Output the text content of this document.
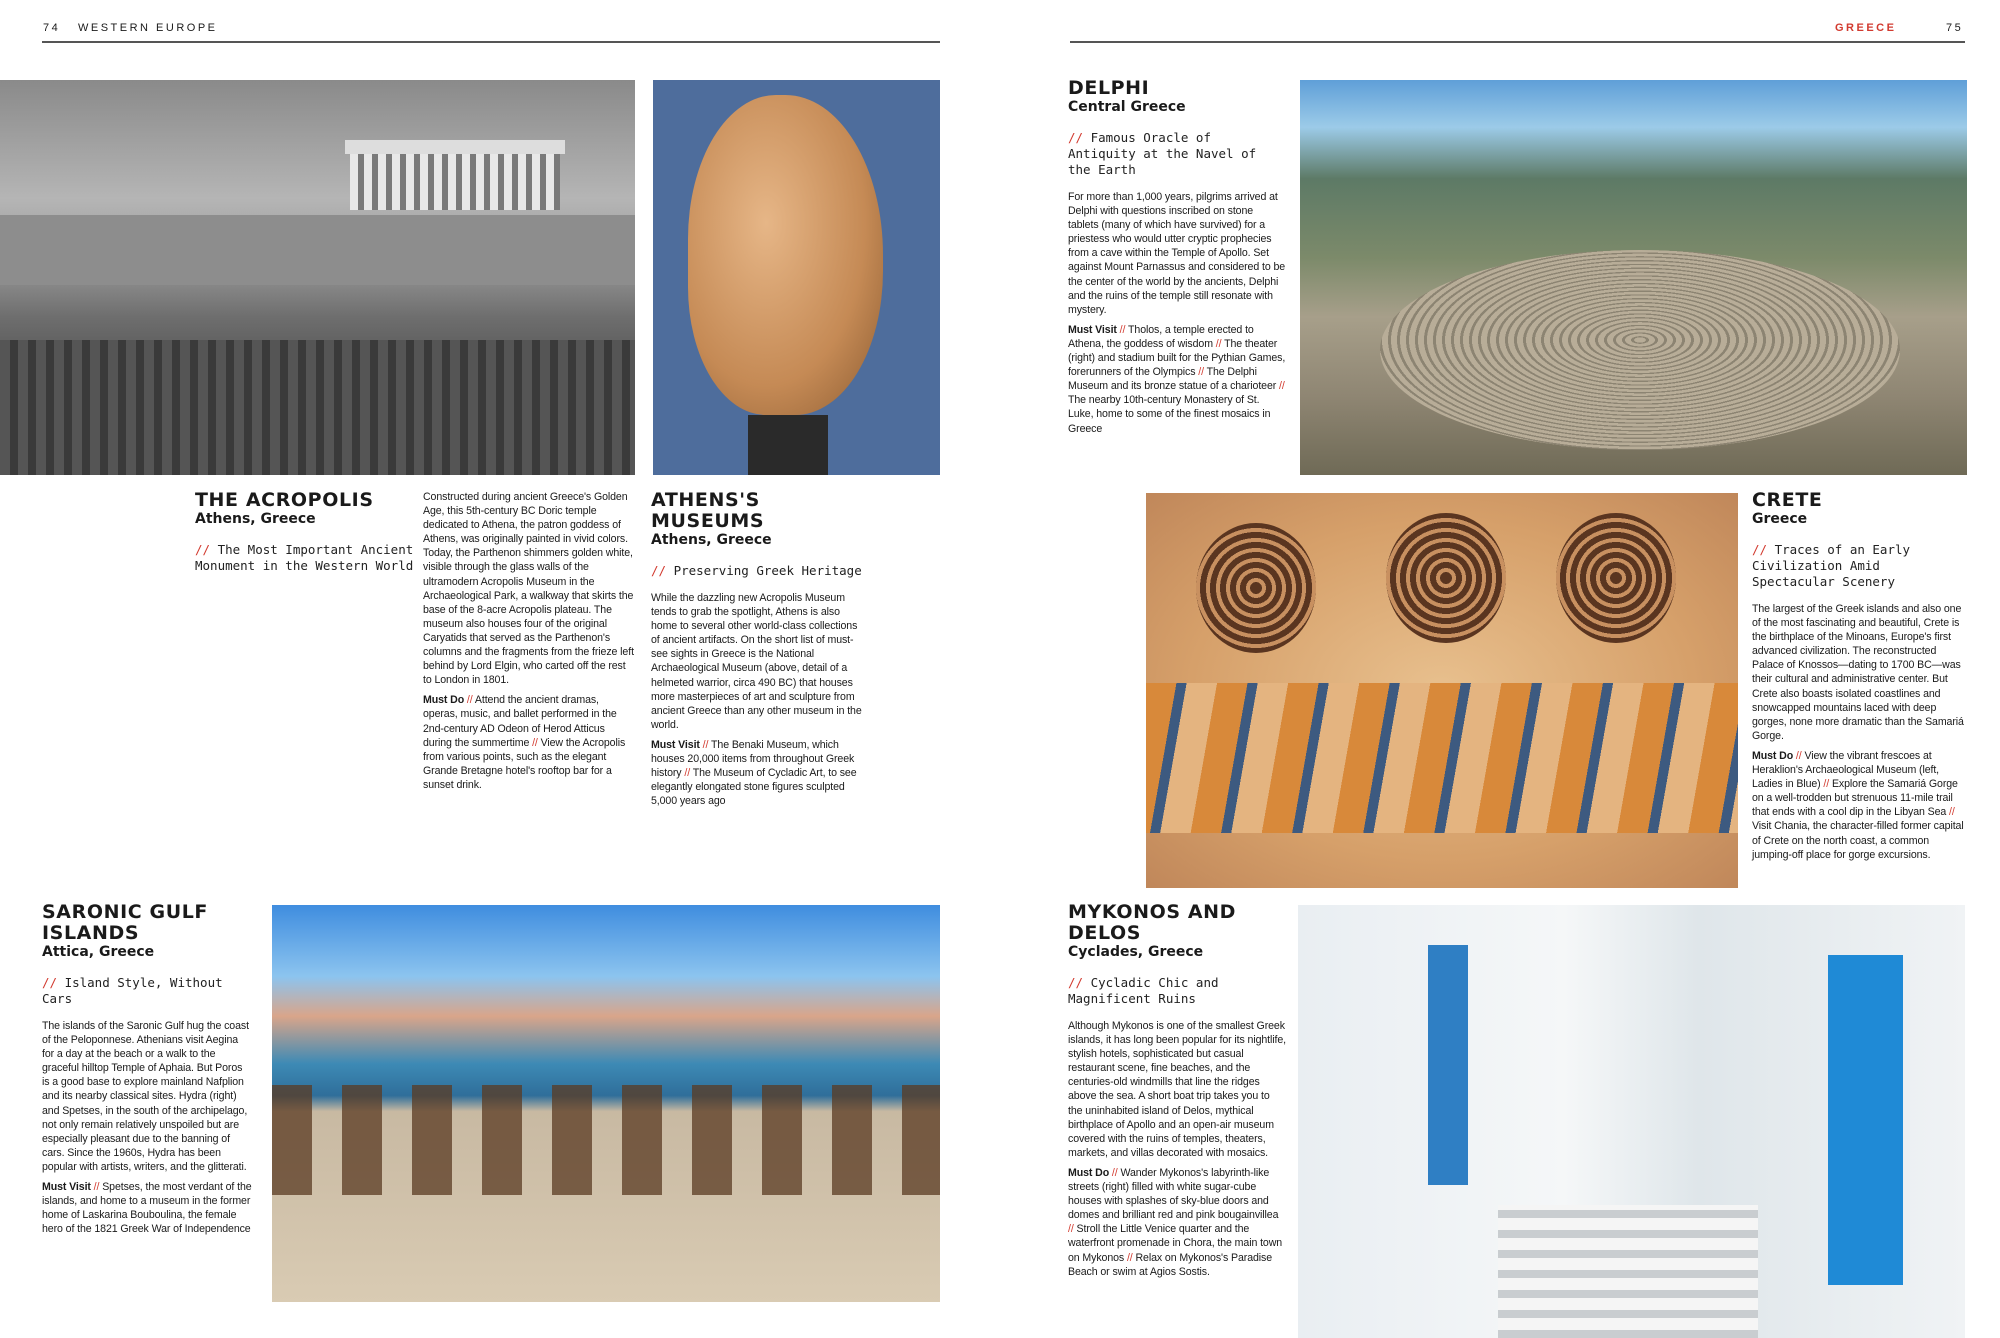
74 WESTERN EUROPE	GREECE	75
THE ACROPOLIS
Athens, Greece
// The Most Important Ancient Monument in the Western World

Constructed during ancient Greece's Golden Age, this 5th-century BC Doric temple dedicated to Athena, the patron goddess of Athens, was originally painted in vivid colors. Today, the Parthenon shimmers golden white, visible through the glass walls of the ultramodern Acropolis Museum in the Archaeological Park, a walkway that skirts the base of the 8-acre Acropolis plateau. The museum also houses four of the original Caryatids that served as the Parthenon's columns and the fragments from the frieze left behind by Lord Elgin, who carted off the rest to London in 1801.

Must Do // Attend the ancient dramas, operas, music, and ballet performed in the 2nd-century AD Odeon of Herod Atticus during the summertime // View the Acropolis from various points, such as the elegant Grande Bretagne hotel's rooftop bar for a sunset drink.

ATHENS'S MUSEUMS
Athens, Greece
// Preserving Greek Heritage

While the dazzling new Acropolis Museum tends to grab the spotlight, Athens is also home to several other world-class collections of ancient artifacts. On the short list of must-see sights in Greece is the National Archaeological Museum (above, detail of a helmeted warrior, circa 490 BC) that houses more masterpieces of art and sculpture from ancient Greece than any other museum in the world.

Must Visit // The Benaki Museum, which houses 20,000 items from throughout Greek history // The Museum of Cycladic Art, to see elegantly elongated stone figures sculpted 5,000 years ago

DELPHI
Central Greece
// Famous Oracle of Antiquity at the Navel of the Earth

For more than 1,000 years, pilgrims arrived at Delphi with questions inscribed on stone tablets (many of which have survived) for a priestess who would utter cryptic prophecies from a cave within the Temple of Apollo. Set against Mount Parnassus and considered to be the center of the world by the ancients, Delphi and the ruins of the temple still resonate with mystery.

Must Visit // Tholos, a temple erected to Athena, the goddess of wisdom // The theater (right) and stadium built for the Pythian Games, forerunners of the Olympics // The Delphi Museum and its bronze statue of a charioteer // The nearby 10th-century Monastery of St. Luke, home to some of the finest mosaics in Greece

CRETE
Greece
// Traces of an Early Civilization Amid Spectacular Scenery

The largest of the Greek islands and also one of the most fascinating and beautiful, Crete is the birthplace of the Minoans, Europe's first advanced civilization. The reconstructed Palace of Knossos—dating to 1700 BC—was their cultural and administrative center. But Crete also boasts isolated coastlines and snowcapped mountains laced with deep gorges, none more dramatic than the Samariá Gorge.

Must Do // View the vibrant frescoes at Heraklion's Archaeological Museum (left, Ladies in Blue) // Explore the Samariá Gorge on a well-trodden but strenuous 11-mile trail that ends with a cool dip in the Libyan Sea // Visit Chania, the character-filled former capital of Crete on the north coast, a common jumping-off place for gorge excursions.

SARONIC GULF ISLANDS
Attica, Greece
// Island Style, Without Cars

The islands of the Saronic Gulf hug the coast of the Peloponnese. Athenians visit Aegina for a day at the beach or a walk to the graceful hilltop Temple of Aphaia. But Poros is a good base to explore mainland Nafplion and its nearby classical sites. Hydra (right) and Spetses, in the south of the archipelago, not only remain relatively unspoiled but are especially pleasant due to the banning of cars. Since the 1960s, Hydra has been popular with artists, writers, and the glitterati.

Must Visit // Spetses, the most verdant of the islands, and home to a museum in the former home of Laskarina Bouboulina, the female hero of the 1821 Greek War of Independence

MYKONOS AND DELOS
Cyclades, Greece
// Cycladic Chic and Magnificent Ruins

Although Mykonos is one of the smallest Greek islands, it has long been popular for its nightlife, stylish hotels, sophisticated but casual restaurant scene, fine beaches, and the centuries-old windmills that line the ridges above the sea. A short boat trip takes you to the uninhabited island of Delos, mythical birthplace of Apollo and an open-air museum covered with the ruins of temples, theaters, markets, and villas decorated with mosaics.

Must Do // Wander Mykonos's labyrinth-like streets (right) filled with white sugar-cube houses with splashes of sky-blue doors and domes and brilliant red and pink bougainvillea // Stroll the Little Venice quarter and the waterfront promenade in Chora, the main town on Mykonos // Relax on Mykonos's Paradise Beach or swim at Agios Sostis.
